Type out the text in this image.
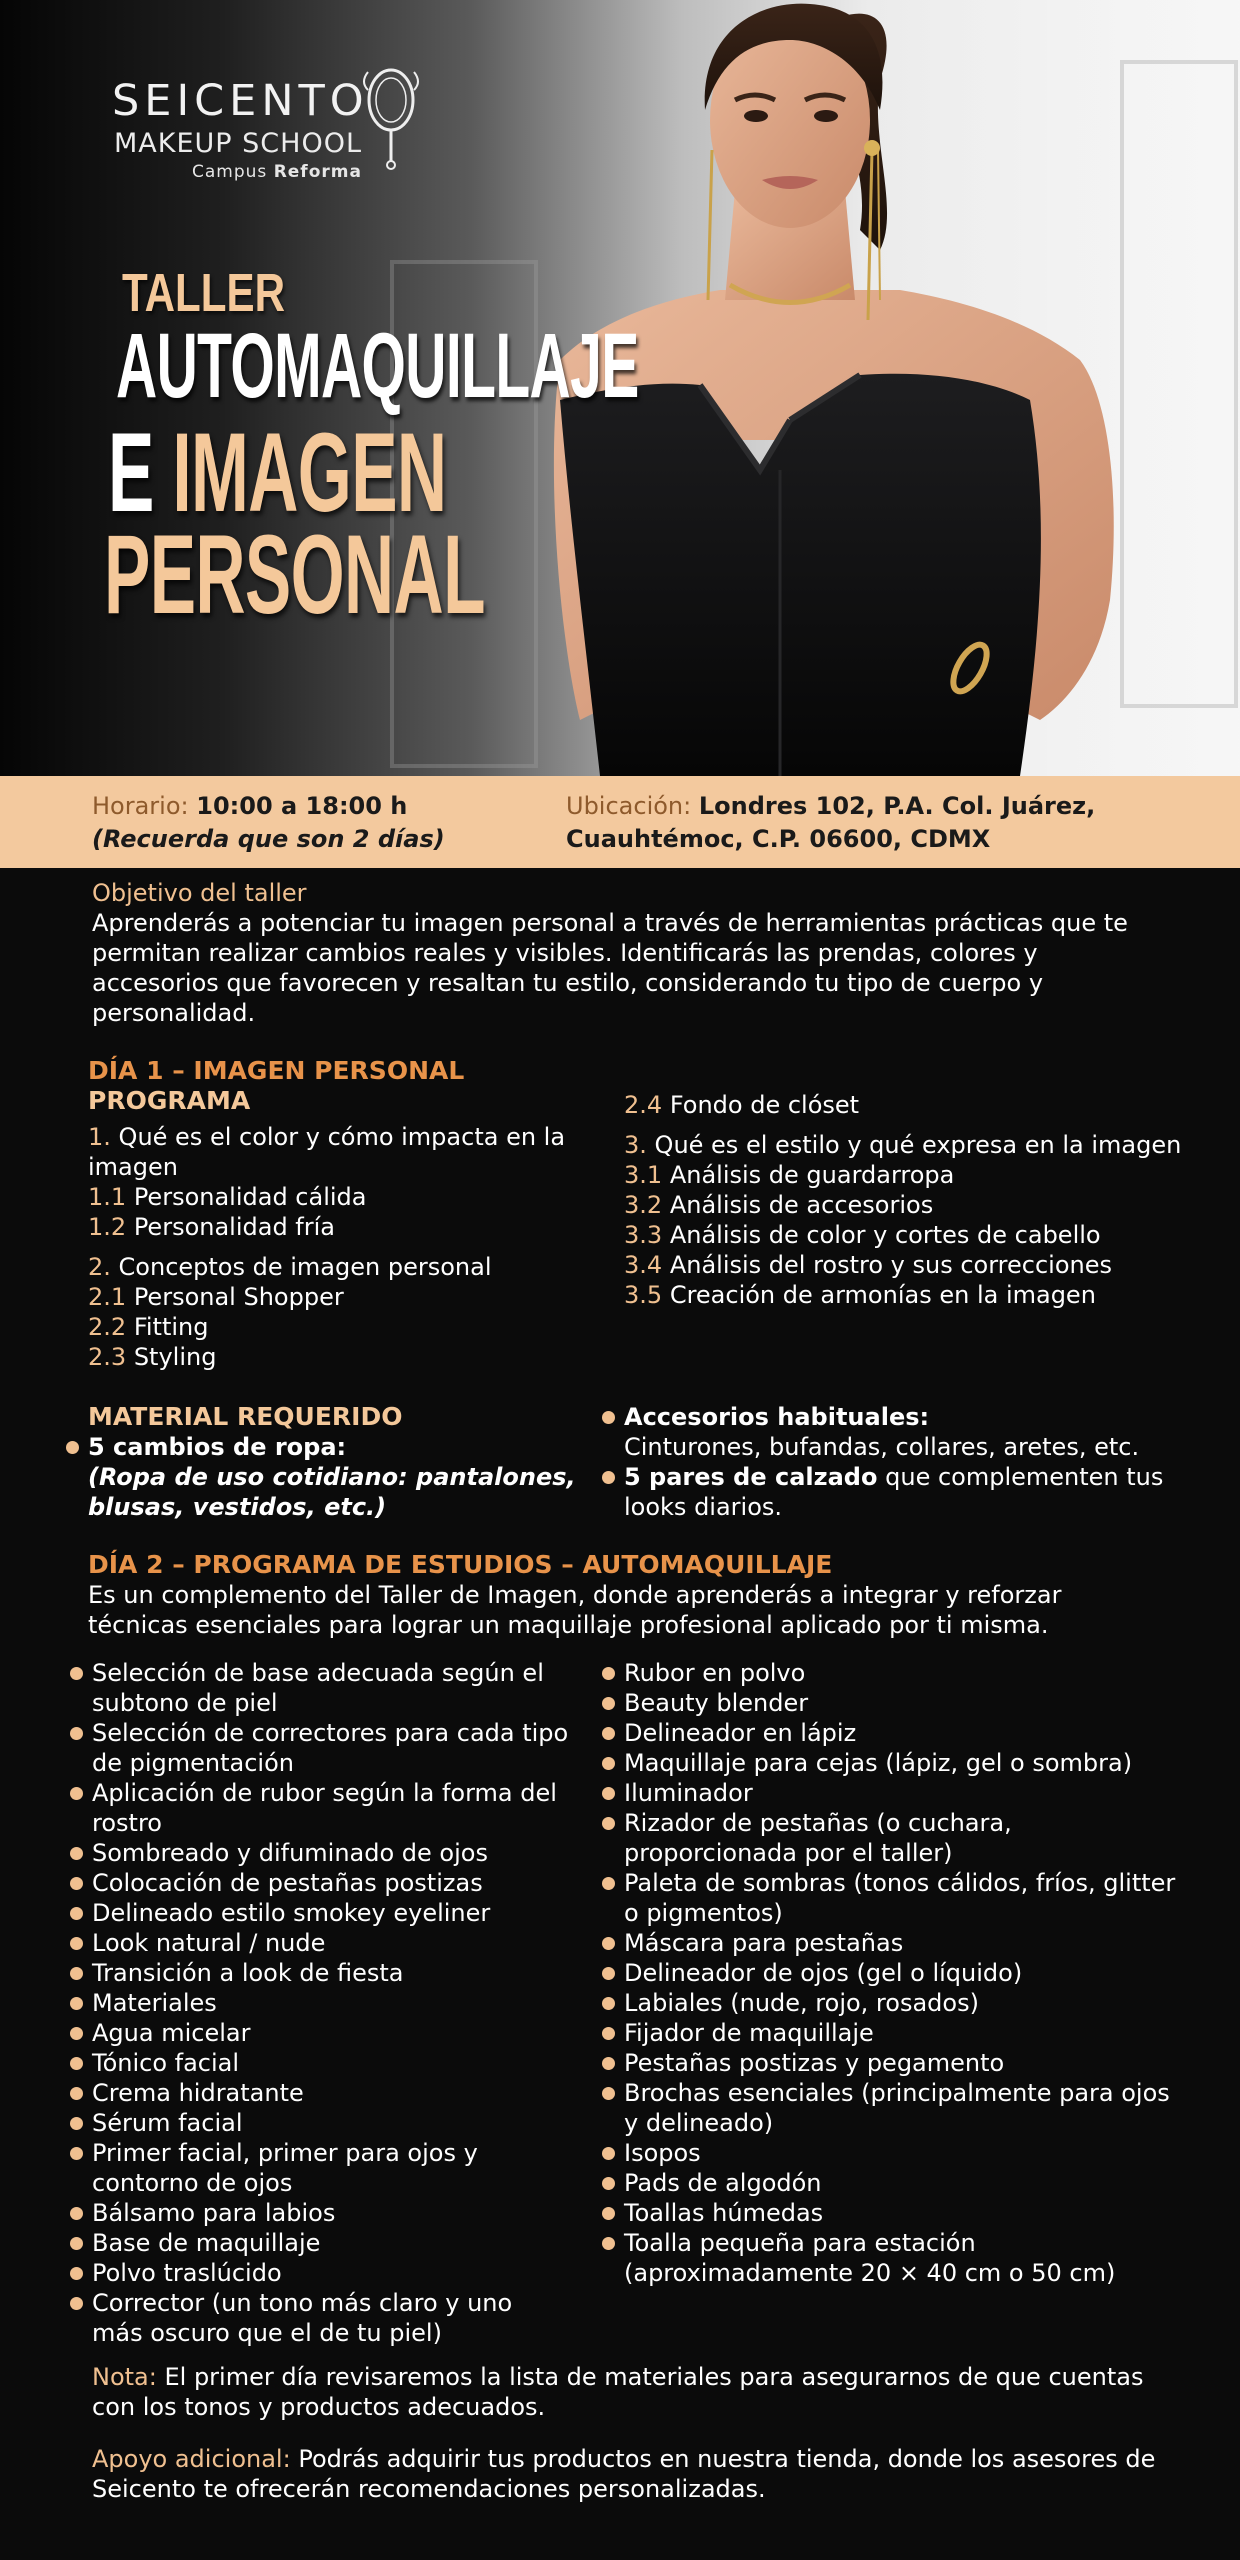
SEICENTO
MAKEUP SCHOOL
Campus Reforma
TALLER
AUTOMAQUILLAJE
E IMAGEN
PERSONAL
Horario: 10:00 a 18:00 h
(Recuerda que son 2 días)
Ubicación: Londres 102, P.A. Col. Juárez,
Cuauhtémoc, C.P. 06600, CDMX
Objetivo del taller
Aprenderás a potenciar tu imagen personal a través de herramientas prácticas que te permitan realizar cambios reales y visibles. Identificarás las prendas, colores y accesorios que favorecen y resaltan tu estilo, considerando tu tipo de cuerpo y personalidad.
DÍA 1 – IMAGEN PERSONAL
PROGRAMA
1. Qué es el color y cómo impacta en la imagen
1.1 Personalidad cálida
1.2 Personalidad fría
2. Conceptos de imagen personal
2.1 Personal Shopper
2.2 Fitting
2.3 Styling
2.4 Fondo de clóset
3. Qué es el estilo y qué expresa en la imagen
3.1 Análisis de guardarropa
3.2 Análisis de accesorios
3.3 Análisis de color y cortes de cabello
3.4 Análisis del rostro y sus correcciones
3.5 Creación de armonías en la imagen
MATERIAL REQUERIDO
5 cambios de ropa:
(Ropa de uso cotidiano: pantalones, blusas, vestidos, etc.)
Accesorios habituales:
Cinturones, bufandas, collares, aretes, etc.
5 pares de calzado que complementen tus looks diarios.
DÍA 2 – PROGRAMA DE ESTUDIOS – AUTOMAQUILLAJE
Es un complemento del Taller de Imagen, donde aprenderás a integrar y reforzar técnicas esenciales para lograr un maquillaje profesional aplicado por ti misma.
Selección de base adecuada según el subtono de piel
Selección de correctores para cada tipo de pigmentación
Aplicación de rubor según la forma del rostro
Sombreado y difuminado de ojos
Colocación de pestañas postizas
Delineado estilo smokey eyeliner
Look natural / nude
Transición a look de fiesta
Materiales
Agua micelar
Tónico facial
Crema hidratante
Sérum facial
Primer facial, primer para ojos y contorno de ojos
Bálsamo para labios
Base de maquillaje
Polvo traslúcido
Corrector (un tono más claro y uno más oscuro que el de tu piel)
Rubor en polvo
Beauty blender
Delineador en lápiz
Maquillaje para cejas (lápiz, gel o sombra)
Iluminador
Rizador de pestañas (o cuchara, proporcionada por el taller)
Paleta de sombras (tonos cálidos, fríos, glitter o pigmentos)
Máscara para pestañas
Delineador de ojos (gel o líquido)
Labiales (nude, rojo, rosados)
Fijador de maquillaje
Pestañas postizas y pegamento
Brochas esenciales (principalmente para ojos y delineado)
Isopos
Pads de algodón
Toallas húmedas
Toalla pequeña para estación (aproximadamente 20 × 40 cm o 50 cm)
Nota: El primer día revisaremos la lista de materiales para asegurarnos de que cuentas con los tonos y productos adecuados.
Apoyo adicional: Podrás adquirir tus productos en nuestra tienda, donde los asesores de Seicento te ofrecerán recomendaciones personalizadas.
